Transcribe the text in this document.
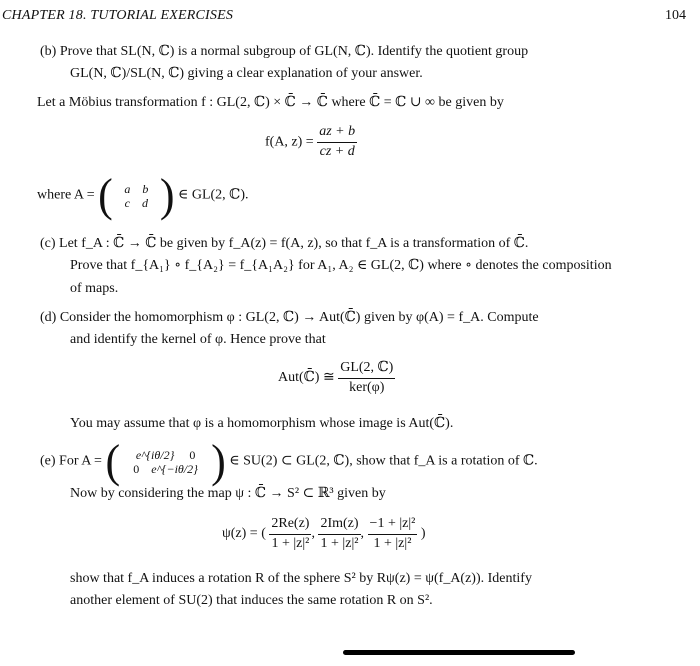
CHAPTER 18. TUTORIAL EXERCISES	104
(b) Prove that SL(N, ℂ) is a normal subgroup of GL(N, ℂ). Identify the quotient group
GL(N, ℂ)/SL(N, ℂ) giving a clear explanation of your answer.
Let a Möbius transformation f : GL(2, ℂ) × ℂ̄ → ℂ̄ where ℂ̄ = ℂ ∪ ∞ be given by
f(A, $z) = \frac{az + b}{cz + d}$
where A = ( a b
c d ) ∈ GL(2, ℂ).
(c) Let f_A : ℂ̄ → ℂ̄ be given by f_A(z) = f(A, z), so that f_A is a transformation of ℂ̄.
Prove that f_{A₁} ∘ f_{A₂} = f_{A₁A₂} for A₁, A₂ ∈ GL(2, ℂ) where ∘ denotes the composition
of maps.
(d) Consider the homomorphism φ : GL(2, ℂ) → Aut(ℂ̄) given by φ(A) = f_A. Compute
and identify the kernel of φ. Hence prove that
Aut(ℂ̄) ≅ $\frac{\text{GL(2, ℂ)}}{\text{ker(φ)}}$
You may assume that φ is a homomorphism whose image is Aut(ℂ̄).
(e) For A = (	e^{iθ/2} 0
0 e^{−iθ/2} ) ∈ SU(2) ⊂ GL(2, ℂ), show that f_A is a rotation of ℂ.
Now by considering the map ψ : ℂ̄ → S² ⊂ ℝ³ given by
ψ(z) = ( $\frac{2Re(z)}{\text{1 + |z|²}}$ , $\frac{2Im(z)}{\text{1 + |z|²}}$ , $\frac{\text{−1 + |z|²}}{\text{1 + |z|²}}$ )
show that f_A induces a rotation R of the sphere S² by Rψ(z) = ψ(f_A(z)). Identify
another element of SU(2) that induces the same rotation R on S².
